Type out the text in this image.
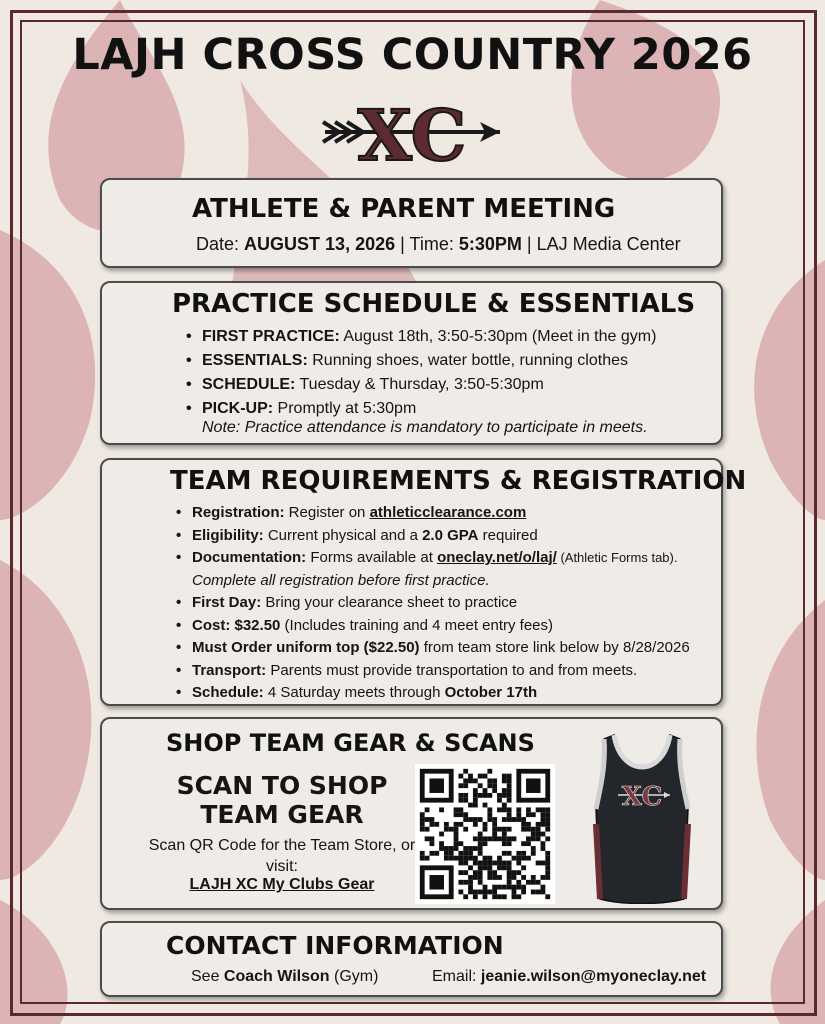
LAJH CROSS COUNTRY 2026
XC
ATHLETE & PARENT MEETING
Date: AUGUST 13, 2026 | Time: 5:30PM | LAJ Media Center
PRACTICE SCHEDULE & ESSENTIALS
• FIRST PRACTICE: August 18th, 3:50-5:30pm (Meet in the gym)
• ESSENTIALS: Running shoes, water bottle, running clothes
• SCHEDULE: Tuesday & Thursday, 3:50-5:30pm
• PICK-UP: Promptly at 5:30pm
Note: Practice attendance is mandatory to participate in meets.
TEAM REQUIREMENTS & REGISTRATION
• Registration: Register on athleticclearance.com
• Eligibility: Current physical and a 2.0 GPA required
• Documentation: Forms available at oneclay.net/o/laj/ (Athletic Forms tab).
Complete all registration before first practice.
• First Day: Bring your clearance sheet to practice
• Cost: $32.50 (Includes training and 4 meet entry fees)
• Must Order uniform top ($22.50) from team store link below by 8/28/2026
• Transport: Parents must provide transportation to and from meets.
• Schedule: 4 Saturday meets through October 17th
SHOP TEAM GEAR & SCANS
SCAN TO SHOP
TEAM GEAR
Scan QR Code for the Team Store, or visit:
LAJH XC My Clubs Gear
XC
CONTACT INFORMATION
See Coach Wilson (Gym)	Email: jeanie.wilson@myoneclay.net
